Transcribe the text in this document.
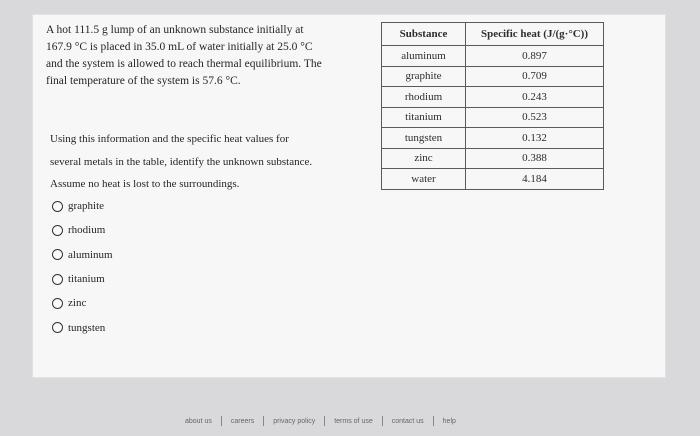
A hot 111.5 g lump of an unknown substance initially at

167.9 °C is placed in 35.0 mL of water initially at 25.0 °C

and the system is allowed to reach thermal equilibrium. The

final temperature of the system is 57.6 °C.

Using this information and the specific heat values for

several metals in the table, identify the unknown substance.

Assume no heat is lost to the surroundings.

graphite
rhodium
aluminum
titanium
zinc
tungsten
Substance	Specific heat (J/(g·°C))
aluminum	0.897
graphite	0.709
rhodium	0.243
titanium	0.523
tungsten	0.132
zinc	0.388
water	4.184
about us	careers	privacy policy	terms of use	contact us	help
